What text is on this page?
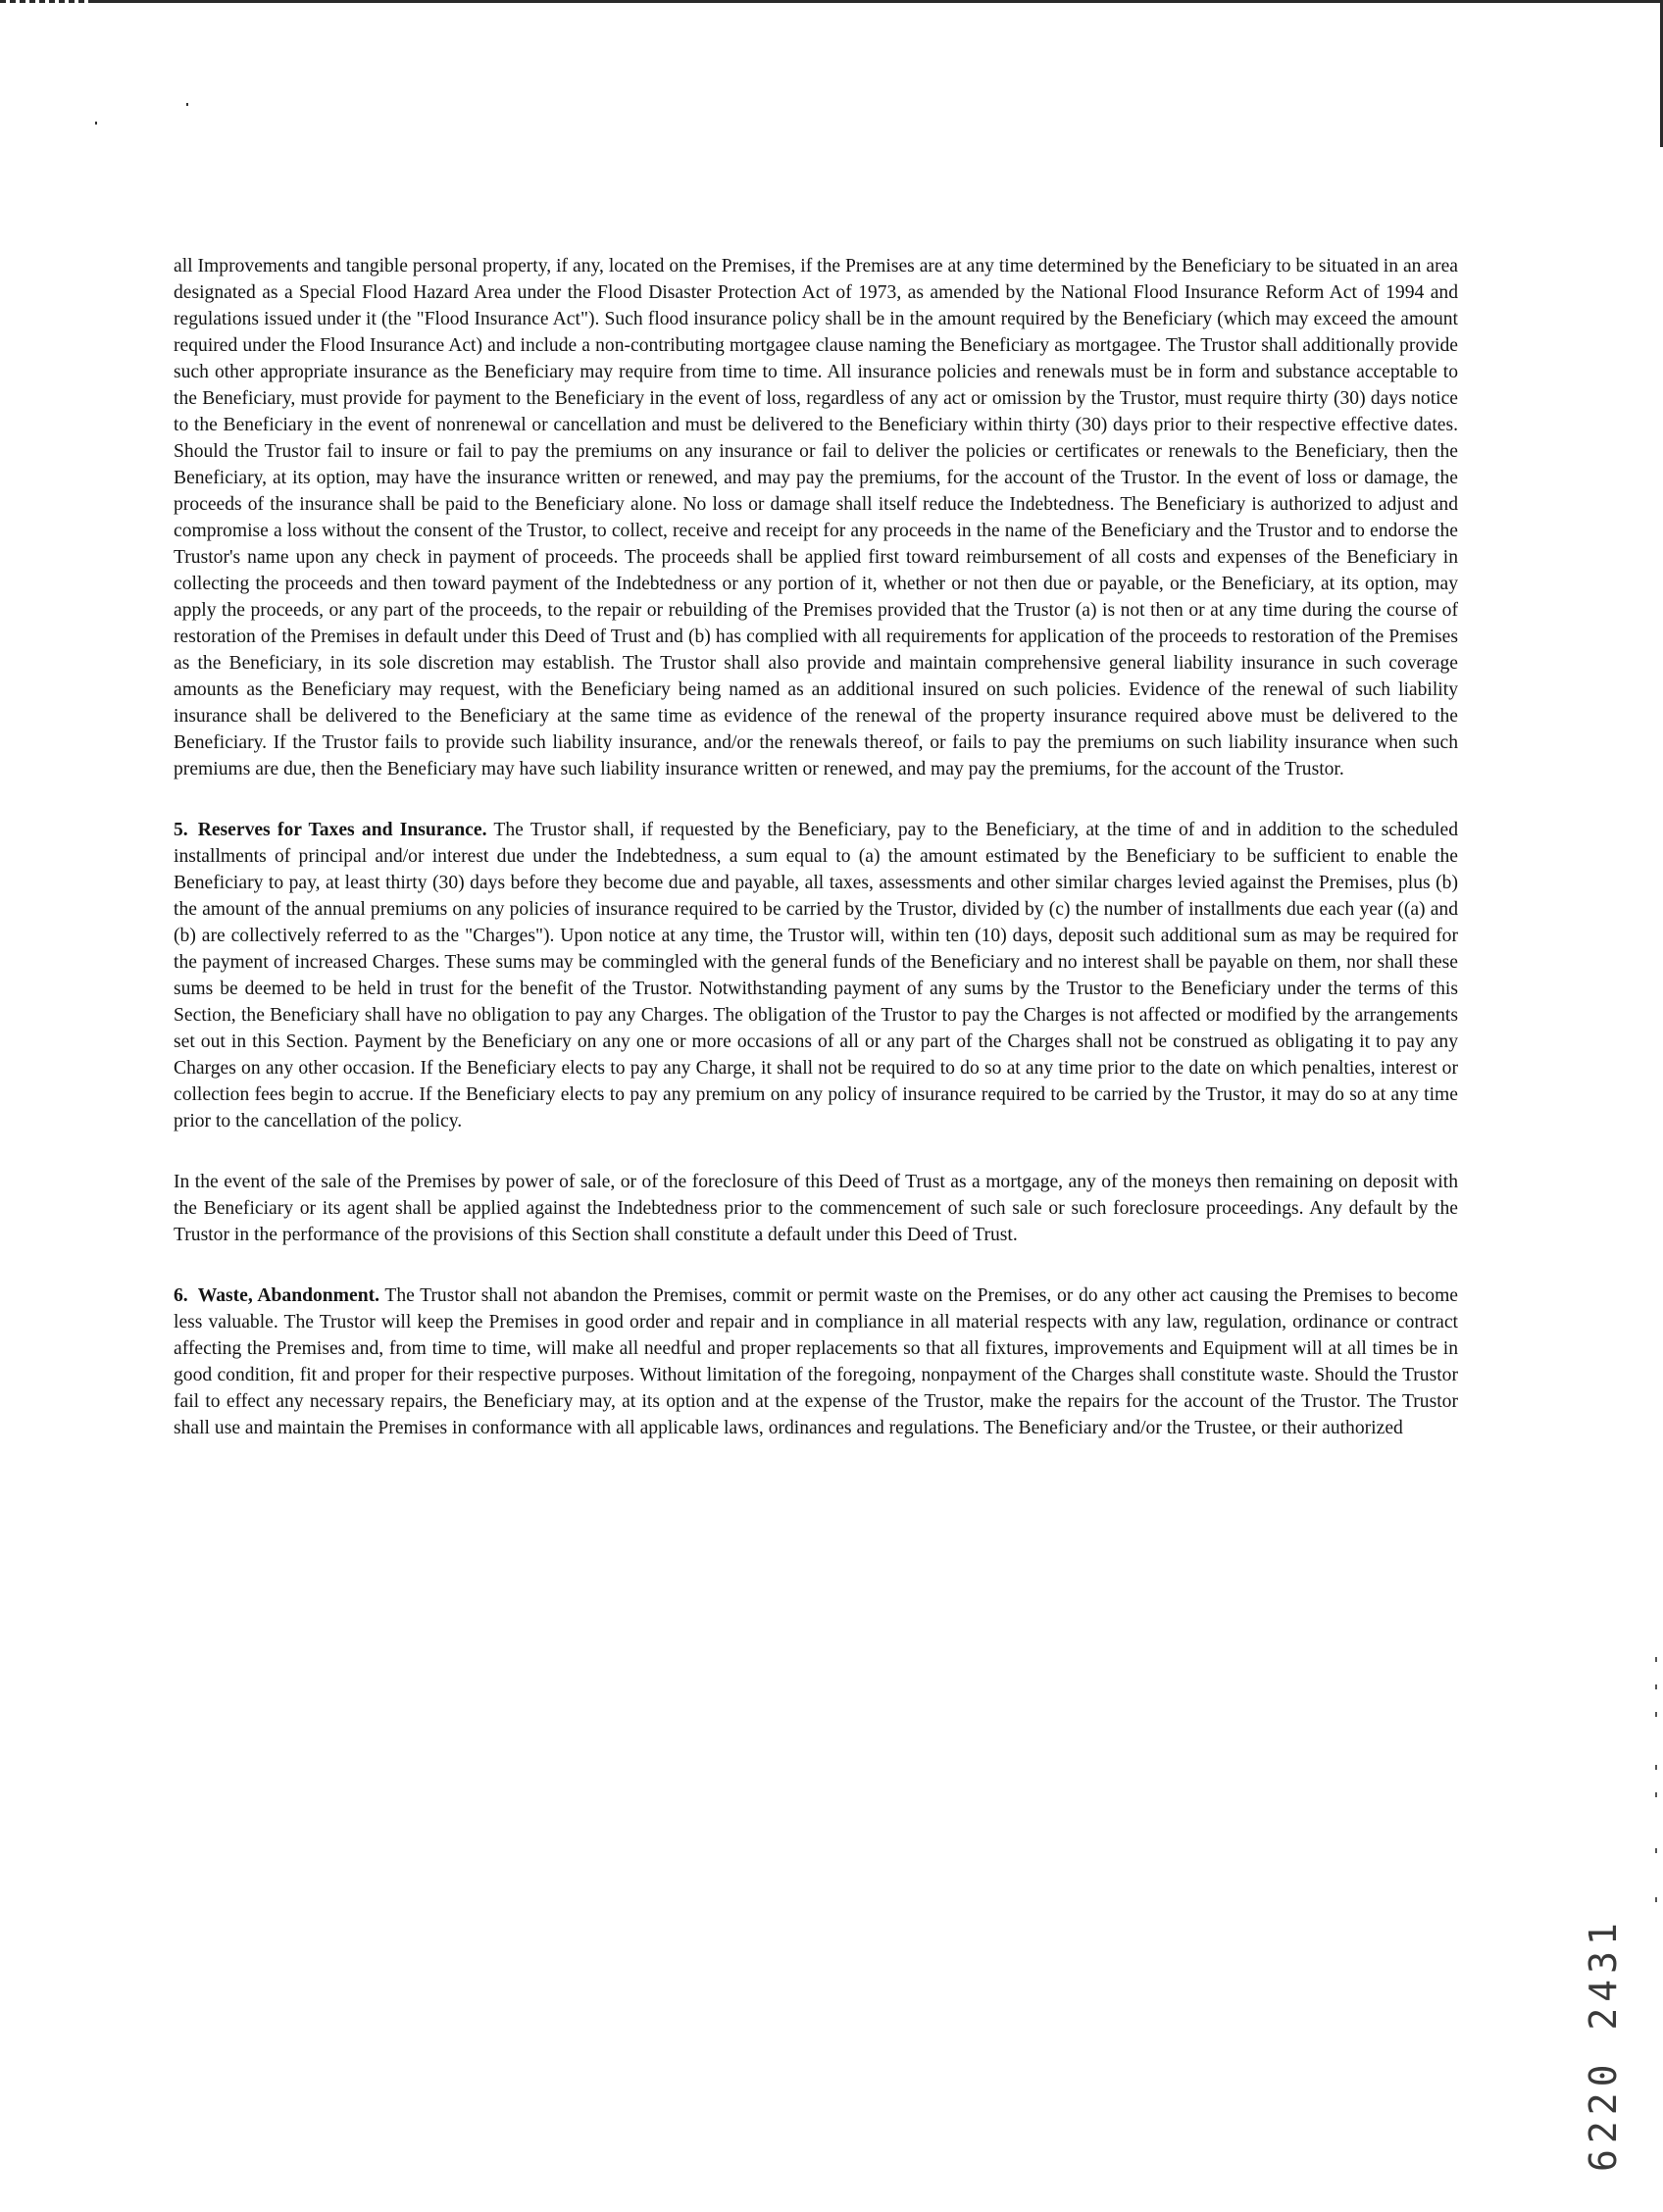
all Improvements and tangible personal property, if any, located on the Premises, if the Premises are at any time determined by the Beneficiary to be situated in an area designated as a Special Flood Hazard Area under the Flood Disaster Protection Act of 1973, as amended by the National Flood Insurance Reform Act of 1994 and regulations issued under it (the "Flood Insurance Act"). Such flood insurance policy shall be in the amount required by the Beneficiary (which may exceed the amount required under the Flood Insurance Act) and include a non-contributing mortgagee clause naming the Beneficiary as mortgagee. The Trustor shall additionally provide such other appropriate insurance as the Beneficiary may require from time to time. All insurance policies and renewals must be in form and substance acceptable to the Beneficiary, must provide for payment to the Beneficiary in the event of loss, regardless of any act or omission by the Trustor, must require thirty (30) days notice to the Beneficiary in the event of nonrenewal or cancellation and must be delivered to the Beneficiary within thirty (30) days prior to their respective effective dates. Should the Trustor fail to insure or fail to pay the premiums on any insurance or fail to deliver the policies or certificates or renewals to the Beneficiary, then the Beneficiary, at its option, may have the insurance written or renewed, and may pay the premiums, for the account of the Trustor. In the event of loss or damage, the proceeds of the insurance shall be paid to the Beneficiary alone. No loss or damage shall itself reduce the Indebtedness. The Beneficiary is authorized to adjust and compromise a loss without the consent of the Trustor, to collect, receive and receipt for any proceeds in the name of the Beneficiary and the Trustor and to endorse the Trustor's name upon any check in payment of proceeds. The proceeds shall be applied first toward reimbursement of all costs and expenses of the Beneficiary in collecting the proceeds and then toward payment of the Indebtedness or any portion of it, whether or not then due or payable, or the Beneficiary, at its option, may apply the proceeds, or any part of the proceeds, to the repair or rebuilding of the Premises provided that the Trustor (a) is not then or at any time during the course of restoration of the Premises in default under this Deed of Trust and (b) has complied with all requirements for application of the proceeds to restoration of the Premises as the Beneficiary, in its sole discretion may establish. The Trustor shall also provide and maintain comprehensive general liability insurance in such coverage amounts as the Beneficiary may request, with the Beneficiary being named as an additional insured on such policies. Evidence of the renewal of such liability insurance shall be delivered to the Beneficiary at the same time as evidence of the renewal of the property insurance required above must be delivered to the Beneficiary. If the Trustor fails to provide such liability insurance, and/or the renewals thereof, or fails to pay the premiums on such liability insurance when such premiums are due, then the Beneficiary may have such liability insurance written or renewed, and may pay the premiums, for the account of the Trustor.

5. Reserves for Taxes and Insurance. The Trustor shall, if requested by the Beneficiary, pay to the Beneficiary, at the time of and in addition to the scheduled installments of principal and/or interest due under the Indebtedness, a sum equal to (a) the amount estimated by the Beneficiary to be sufficient to enable the Beneficiary to pay, at least thirty (30) days before they become due and payable, all taxes, assessments and other similar charges levied against the Premises, plus (b) the amount of the annual premiums on any policies of insurance required to be carried by the Trustor, divided by (c) the number of installments due each year ((a) and (b) are collectively referred to as the "Charges"). Upon notice at any time, the Trustor will, within ten (10) days, deposit such additional sum as may be required for the payment of increased Charges. These sums may be commingled with the general funds of the Beneficiary and no interest shall be payable on them, nor shall these sums be deemed to be held in trust for the benefit of the Trustor. Notwithstanding payment of any sums by the Trustor to the Beneficiary under the terms of this Section, the Beneficiary shall have no obligation to pay any Charges. The obligation of the Trustor to pay the Charges is not affected or modified by the arrangements set out in this Section. Payment by the Beneficiary on any one or more occasions of all or any part of the Charges shall not be construed as obligating it to pay any Charges on any other occasion. If the Beneficiary elects to pay any Charge, it shall not be required to do so at any time prior to the date on which penalties, interest or collection fees begin to accrue. If the Beneficiary elects to pay any premium on any policy of insurance required to be carried by the Trustor, it may do so at any time prior to the cancellation of the policy.

In the event of the sale of the Premises by power of sale, or of the foreclosure of this Deed of Trust as a mortgage, any of the moneys then remaining on deposit with the Beneficiary or its agent shall be applied against the Indebtedness prior to the commencement of such sale or such foreclosure proceedings. Any default by the Trustor in the performance of the provisions of this Section shall constitute a default under this Deed of Trust.

6. Waste, Abandonment. The Trustor shall not abandon the Premises, commit or permit waste on the Premises, or do any other act causing the Premises to become less valuable. The Trustor will keep the Premises in good order and repair and in compliance in all material respects with any law, regulation, ordinance or contract affecting the Premises and, from time to time, will make all needful and proper replacements so that all fixtures, improvements and Equipment will at all times be in good condition, fit and proper for their respective purposes. Without limitation of the foregoing, nonpayment of the Charges shall constitute waste. Should the Trustor fail to effect any necessary repairs, the Beneficiary may, at its option and at the expense of the Trustor, make the repairs for the account of the Trustor. The Trustor shall use and maintain the Premises in conformance with all applicable laws, ordinances and regulations. The Beneficiary and/or the Trustee, or their authorized

6220 2431
